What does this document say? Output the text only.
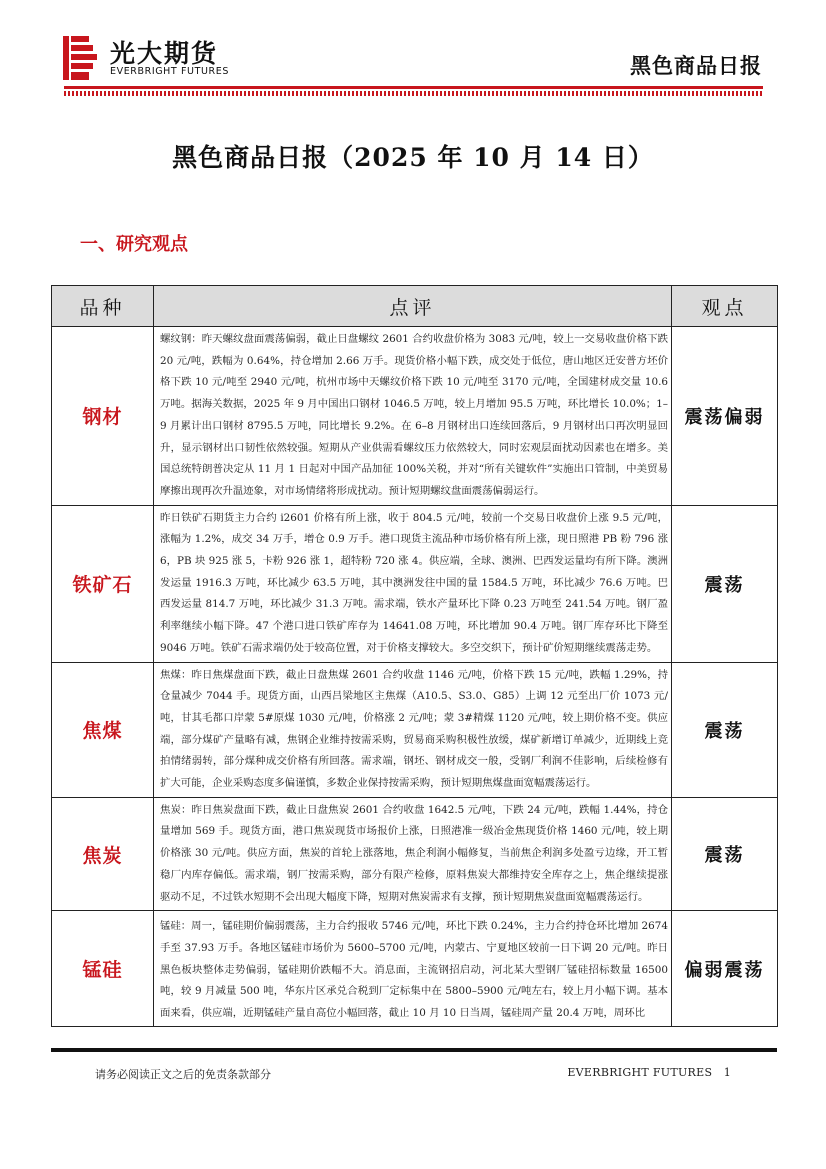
光大期货
EVERBRIGHT FUTURES	黑色商品日报
黑色商品日报（2025 年 10 月 14 日）
一、研究观点
品种	点评	观点
钢材	螺纹钢：昨天螺纹盘面震荡偏弱，截止日盘螺纹 2601 合约收盘价格为 3083 元/吨，较上一交易收盘价格下跌 20 元/吨，跌幅为 0.64%，持仓增加 2.66 万手。现货价格小幅下跌，成交处于低位，唐山地区迁安普方坯价格下跌 10 元/吨至 2940 元/吨，杭州市场中天螺纹价格下跌 10 元/吨至 3170 元/吨，全国建材成交量 10.6 万吨。据海关数据，2025 年 9 月中国出口钢材 1046.5 万吨，较上月增加 95.5 万吨，环比增长 10.0%；1–9 月累计出口钢材 8795.5 万吨，同比增长 9.2%。在 6–8 月钢材出口连续回落后，9 月钢材出口再次明显回升，显示钢材出口韧性依然较强。短期从产业供需看螺纹压力依然较大，同时宏观层面扰动因素也在增多。美国总统特朗普决定从 11 月 1 日起对中国产品加征 100%关税，并对“所有关键软件”实施出口管制，中美贸易摩擦出现再次升温迹象，对市场情绪将形成扰动。预计短期螺纹盘面震荡偏弱运行。	震荡偏弱
铁矿石	昨日铁矿石期货主力合约 i2601 价格有所上涨，收于 804.5 元/吨，较前一个交易日收盘价上涨 9.5 元/吨，涨幅为 1.2%，成交 34 万手，增仓 0.9 万手。港口现货主流品种市场价格有所上涨，现日照港 PB 粉 796 涨 6，PB 块 925 涨 5，卡粉 926 涨 1，超特粉 720 涨 4。供应端，全球、澳洲、巴西发运量均有所下降。澳洲发运量 1916.3 万吨，环比减少 63.5 万吨，其中澳洲发往中国的量 1584.5 万吨，环比减少 76.6 万吨。巴西发运量 814.7 万吨，环比减少 31.3 万吨。需求端，铁水产量环比下降 0.23 万吨至 241.54 万吨。钢厂盈利率继续小幅下降。47 个港口进口铁矿库存为 14641.08 万吨，环比增加 90.4 万吨。钢厂库存环比下降至 9046 万吨。铁矿石需求端仍处于较高位置，对于价格支撑较大。多空交织下，预计矿价短期继续震荡走势。	震荡
焦煤	焦煤：昨日焦煤盘面下跌，截止日盘焦煤 2601 合约收盘 1146 元/吨，价格下跌 15 元/吨，跌幅 1.29%，持仓量减少 7044 手。现货方面，山西吕梁地区主焦煤（A10.5、S3.0、G85）上调 12 元至出厂价 1073 元/吨，甘其毛都口岸蒙 5#原煤 1030 元/吨，价格涨 2 元/吨；蒙 3#精煤 1120 元/吨，较上期价格不变。供应端，部分煤矿产量略有减，焦钢企业维持按需采购，贸易商采购积极性放缓，煤矿新增订单减少，近期线上竞拍情绪弱转，部分煤种成交价格有所回落。需求端，钢坯、钢材成交一般，受钢厂利润不佳影响，后续检修有扩大可能，企业采购态度多偏谨慎，多数企业保持按需采购，预计短期焦煤盘面宽幅震荡运行。	震荡
焦炭	焦炭：昨日焦炭盘面下跌，截止日盘焦炭 2601 合约收盘 1642.5 元/吨，下跌 24 元/吨，跌幅 1.44%，持仓量增加 569 手。现货方面，港口焦炭现货市场报价上涨，日照港准一级冶金焦现货价格 1460 元/吨，较上期价格涨 30 元/吨。供应方面，焦炭的首轮上涨落地，焦企利润小幅修复，当前焦企利润多处盈亏边缘，开工暂稳厂内库存偏低。需求端，钢厂按需采购，部分有限产检修，原料焦炭大都维持安全库存之上，焦企继续提涨驱动不足，不过铁水短期不会出现大幅度下降，短期对焦炭需求有支撑，预计短期焦炭盘面宽幅震荡运行。	震荡
锰硅	锰硅：周一，锰硅期价偏弱震荡，主力合约报收 5746 元/吨，环比下跌 0.24%，主力合约持仓环比增加 2674 手至 37.93 万手。各地区锰硅市场价为 5600–5700 元/吨，内蒙古、宁夏地区较前一日下调 20 元/吨。昨日黑色板块整体走势偏弱，锰硅期价跌幅不大。消息面，主流钢招启动，河北某大型钢厂锰硅招标数量 16500 吨，较 9 月减量 500 吨，华东片区承兑合税到厂定标集中在 5800–5900 元/吨左右，较上月小幅下调。基本面来看，供应端，近期锰硅产量自高位小幅回落，截止 10 月 10 日当周，锰硅周产量 20.4 万吨，周环比	偏弱震荡
请务必阅读正文之后的免责条款部分	EVERBRIGHT FUTURES 1
